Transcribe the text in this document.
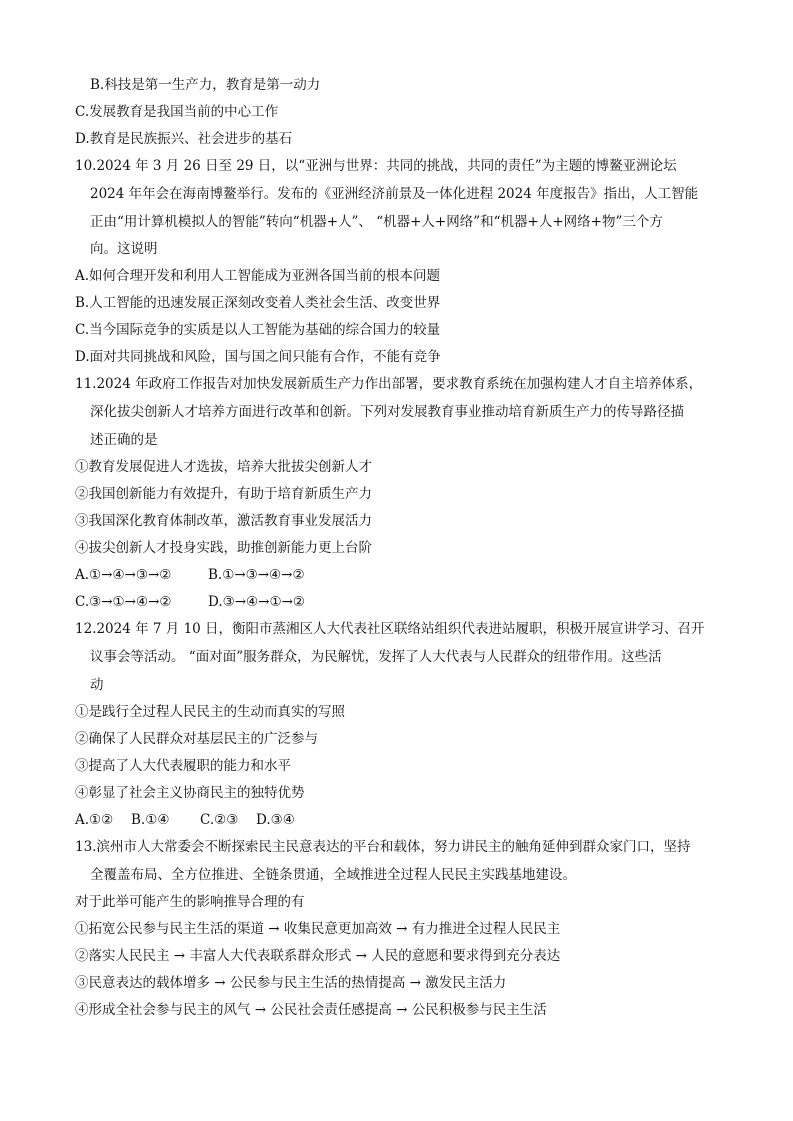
B.科技是第一生产力，教育是第一动力
C.发展教育是我国当前的中心工作
D.教育是民族振兴、社会进步的基石
10.2024 年 3 月 26 日至 29 日，以“亚洲与世界：共同的挑战，共同的责任”为主题的博鳌亚洲论坛
2024 年年会在海南博鳌举行。发布的《亚洲经济前景及一体化进程 2024 年度报告》指出，人工智能
正由“用计算机模拟人的智能”转向“机器+人”、 “机器+人+网络”和“机器+人+网络+物”三个方
向。这说明
A.如何合理开发和利用人工智能成为亚洲各国当前的根本问题
B.人工智能的迅速发展正深刻改变着人类社会生活、改变世界
C.当今国际竞争的实质是以人工智能为基础的综合国力的较量
D.面对共同挑战和风险，国与国之间只能有合作，不能有竞争
11.2024 年政府工作报告对加快发展新质生产力作出部署，要求教育系统在加强构建人才自主培养体系，
深化拔尖创新人才培养方面进行改革和创新。下列对发展教育事业推动培育新质生产力的传导路径描
述正确的是
①教育发展促进人才选拔，培养大批拔尖创新人才
②我国创新能力有效提升，有助于培育新质生产力
③我国深化教育体制改革，激活教育事业发展活力
④拔尖创新人才投身实践，助推创新能力更上台阶
A.①→④→③→②	B.①→③→④→②
C.③→①→④→②	D.③→④→①→②
12.2024 年 7 月 10 日，衡阳市蒸湘区人大代表社区联络站组织代表进站履职，积极开展宣讲学习、召开
议事会等活动。 “面对面”服务群众，为民解忧，发挥了人大代表与人民群众的纽带作用。这些活
动
①是践行全过程人民民主的生动而真实的写照
②确保了人民群众对基层民主的广泛参与
③提高了人大代表履职的能力和水平
④彰显了社会主义协商民主的独特优势
A.①② B.①④ C.②③ D.③④
13.滨州市人大常委会不断探索民主民意表达的平台和载体，努力讲民主的触角延伸到群众家门口，坚持
全覆盖布局、全方位推进、全链条贯通，全域推进全过程人民民主实践基地建设。
对于此举可能产生的影响推导合理的有
①拓宽公民参与民主生活的渠道 → 收集民意更加高效 → 有力推进全过程人民民主
②落实人民民主 → 丰富人大代表联系群众形式 → 人民的意愿和要求得到充分表达
③民意表达的载体增多 → 公民参与民主生活的热情提高 → 激发民主活力
④形成全社会参与民主的风气 → 公民社会责任感提高 → 公民积极参与民主生活
